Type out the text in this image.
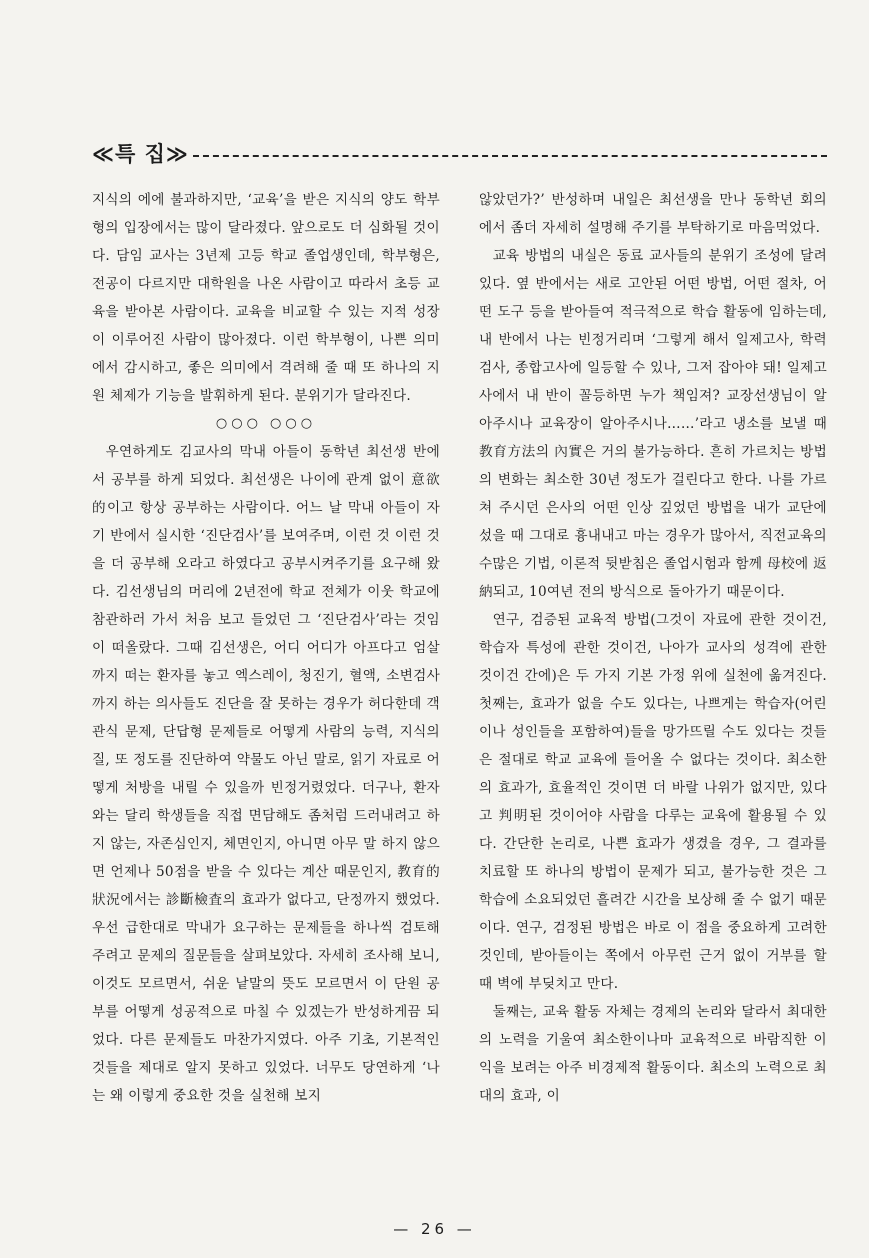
≪특 집≫

지식의 에에 불과하지만, ‘교육’을 받은 지식의 양도 학부형의 입장에서는 많이 달라졌다. 앞으로도 더 심화될 것이다. 담임 교사는 3년제 고등 학교 졸업생인데, 학부형은, 전공이 다르지만 대학원을 나온 사람이고 따라서 초등 교육을 받아본 사람이다. 교육을 비교할 수 있는 지적 성장이 이루어진 사람이 많아졌다. 이런 학부형이, 나쁜 의미에서 감시하고, 좋은 의미에서 격려해 줄 때 또 하나의 지원 체제가 기능을 발휘하게 된다. 분위기가 달라진다.

○○○ ○○○

우연하게도 김교사의 막내 아들이 동학년 최선생 반에서 공부를 하게 되었다. 최선생은 나이에 관계 없이 意欲的이고 항상 공부하는 사람이다. 어느 날 막내 아들이 자기 반에서 실시한 ‘진단검사’를 보여주며, 이런 것 이런 것을 더 공부해 오라고 하였다고 공부시켜주기를 요구해 왔다. 김선생님의 머리에 2년전에 학교 전체가 이웃 학교에 참관하러 가서 처음 보고 들었던 그 ‘진단검사’라는 것임이 떠올랐다. 그때 김선생은, 어디 어디가 아프다고 엄살까지 떠는 환자를 놓고 엑스레이, 청진기, 혈액, 소변검사까지 하는 의사들도 진단을 잘 못하는 경우가 허다한데 객관식 문제, 단답형 문제들로 어떻게 사람의 능력, 지식의 질, 또 정도를 진단하여 약물도 아닌 말로, 읽기 자료로 어떻게 처방을 내릴 수 있을까 빈정거렸었다. 더구나, 환자와는 달리 학생들을 직접 면담해도 좀처럼 드러내려고 하지 않는, 자존심인지, 체면인지, 아니면 아무 말 하지 않으면 언제나 50점을 받을 수 있다는 계산 때문인지, 教育的 狀況에서는 診斷檢査의 효과가 없다고, 단정까지 했었다. 우선 급한대로 막내가 요구하는 문제들을 하나씩 검토해 주려고 문제의 질문들을 살펴보았다. 자세히 조사해 보니, 이것도 모르면서, 쉬운 낱말의 뜻도 모르면서 이 단원 공부를 어떻게 성공적으로 마칠 수 있겠는가 반성하게끔 되었다. 다른 문제들도 마찬가지였다. 아주 기초, 기본적인 것들을 제대로 알지 못하고 있었다. 너무도 당연하게 ‘나는 왜 이렇게 중요한 것을 실천해 보지

않았던가?’ 반성하며 내일은 최선생을 만나 동학년 회의에서 좀더 자세히 설명해 주기를 부탁하기로 마음먹었다.

교육 방법의 내실은 동료 교사들의 분위기 조성에 달려 있다. 옆 반에서는 새로 고안된 어떤 방법, 어떤 절차, 어떤 도구 등을 받아들여 적극적으로 학습 활동에 임하는데, 내 반에서 나는 빈정거리며 ‘그렇게 해서 일제고사, 학력검사, 종합고사에 일등할 수 있나, 그저 잡아야 돼! 일제고사에서 내 반이 꼴등하면 누가 책임져? 교장선생님이 알아주시나 교육장이 알아주시나……’라고 냉소를 보낼 때 教育方法의 內實은 거의 불가능하다. 흔히 가르치는 방법의 변화는 최소한 30년 정도가 걸린다고 한다. 나를 가르쳐 주시던 은사의 어떤 인상 깊었던 방법을 내가 교단에 섰을 때 그대로 흉내내고 마는 경우가 많아서, 직전교육의 수많은 기법, 이론적 뒷받침은 졸업시험과 함께 母校에 返納되고, 10여년 전의 방식으로 돌아가기 때문이다.

연구, 검증된 교육적 방법(그것이 자료에 관한 것이건, 학습자 특성에 관한 것이건, 나아가 교사의 성격에 관한 것이건 간에)은 두 가지 기본 가정 위에 실천에 옮겨진다. 첫째는, 효과가 없을 수도 있다는, 나쁘게는 학습자(어린이나 성인들을 포함하여)들을 망가뜨릴 수도 있다는 것들은 절대로 학교 교육에 들어올 수 없다는 것이다. 최소한의 효과가, 효율적인 것이면 더 바랄 나위가 없지만, 있다고 判明된 것이어야 사람을 다루는 교육에 활용될 수 있다. 간단한 논리로, 나쁜 효과가 생겼을 경우, 그 결과를 치료할 또 하나의 방법이 문제가 되고, 불가능한 것은 그 학습에 소요되었던 흘려간 시간을 보상해 줄 수 없기 때문이다. 연구, 검정된 방법은 바로 이 점을 중요하게 고려한 것인데, 받아들이는 쪽에서 아무런 근거 없이 거부를 할 때 벽에 부딪치고 만다.

둘째는, 교육 활동 자체는 경제의 논리와 달라서 최대한의 노력을 기울여 최소한이나마 교육적으로 바람직한 이익을 보려는 아주 비경제적 활동이다. 최소의 노력으로 최대의 효과, 이

— 26 —
